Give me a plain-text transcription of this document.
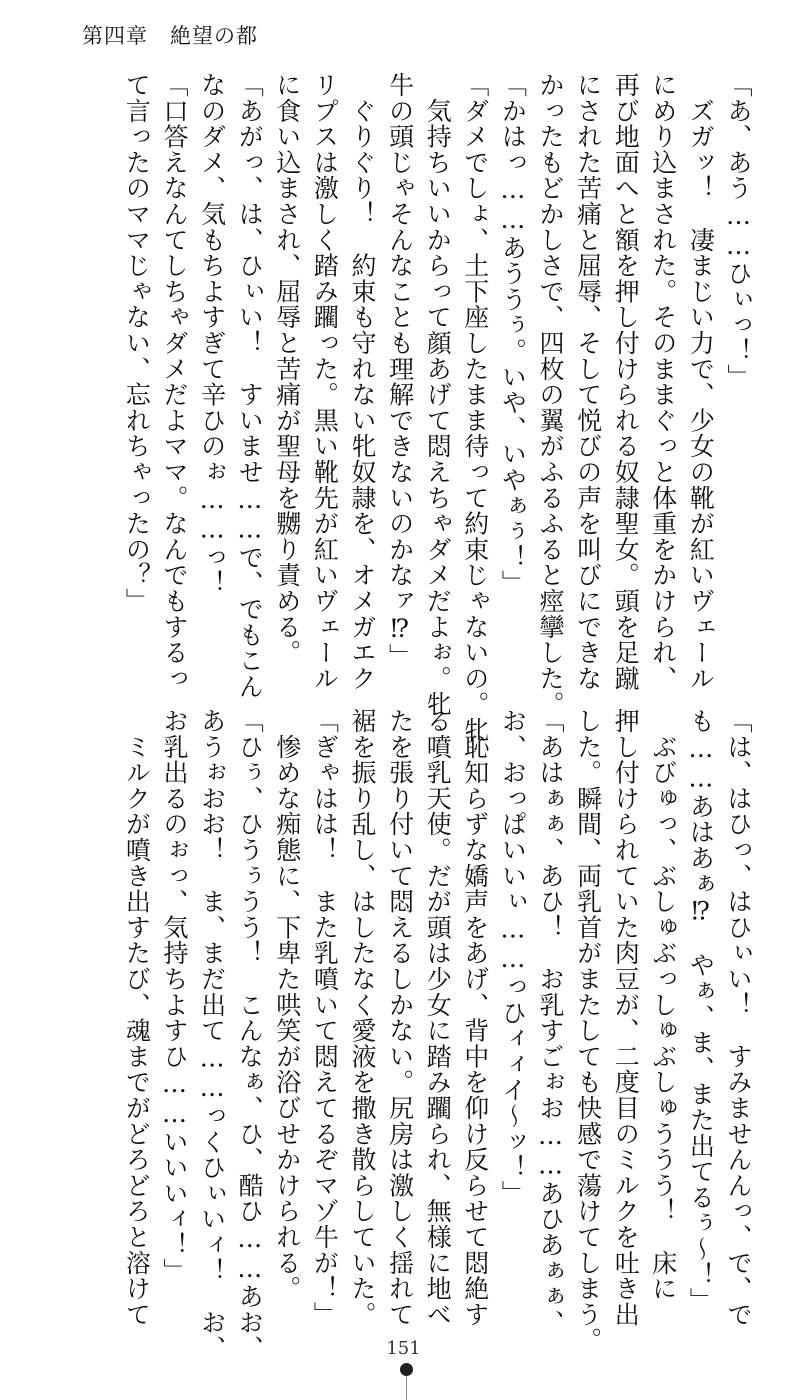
第四章　絶望の都
「あ、あう……ひぃっ！」
　ズガッ！　凄まじい力で、少女の靴が紅いヴェール
にめり込まされた。そのままぐっと体重をかけられ、
再び地面へと額を押し付けられる奴隷聖女。頭を足蹴
にされた苦痛と屈辱、そして悦びの声を叫びにできな
かったもどかしさで、四枚の翼がふるふると痙攣した。
「かはっ……あううぅ。いや、いやぁぅ！」
「ダメでしょ、土下座したまま待って約束じゃないの。牝
　気持ちいいからって顔あげて悶えちゃダメだよぉ。牝
牛の頭じゃそんなことも理解できないのかなァ⁉」
　ぐりぐり！　約束も守れない牝奴隷を、オメガエク
リプスは激しく踏み躙った。黒い靴先が紅いヴェール
に食い込まされ、屈辱と苦痛が聖母を嬲り責める。
「あがっ、は、ひぃい！　すいませ……で、でもこん
なのダメ、気もちよすぎて辛ひのぉ……っ！
「口答えなんてしちゃダメだよママ。なんでもするっ
て言ったのママじゃない、忘れちゃったの？」
「は、はひっ、はひぃい！　すみませんんっ、で、で
も……あはあぁ⁉　やぁ、ま、また出てるぅ〜！」
　ぶびゅっ、ぶしゅぶっしゅぶしゅううう！　床に
押し付けられていた肉豆が、二度目のミルクを吐き出
した。瞬間、両乳首がまたしても快感で蕩けてしまう。
「あはぁぁ、あひ！　お乳すごぉお……あひあぁぁ、
お、おっぱいいぃ……っひィィイ〜ッ！」
　恥知らずな嬌声をあげ、背中を仰け反らせて悶絶す
る噴乳天使。だが頭は少女に踏み躙られ、無様に地べ
たを張り付いて悶えるしかない。尻房は激しく揺れて
裾を振り乱し、はしたなく愛液を撒き散らしていた。
「ぎゃはは！　また乳噴いて悶えてるぞマゾ牛が！」
　惨めな痴態に、下卑た哄笑が浴びせかけられる。
「ひぅ、ひうぅうう！　こんなぁ、ひ、酷ひ……あお、
あうぉおお！　ま、まだ出て……っくひぃいィ！　お、
お乳出るのぉっ、気持ちよすひ……いいいィ！」
　ミルクが噴き出すたび、魂までがどろどろと溶けて
151
